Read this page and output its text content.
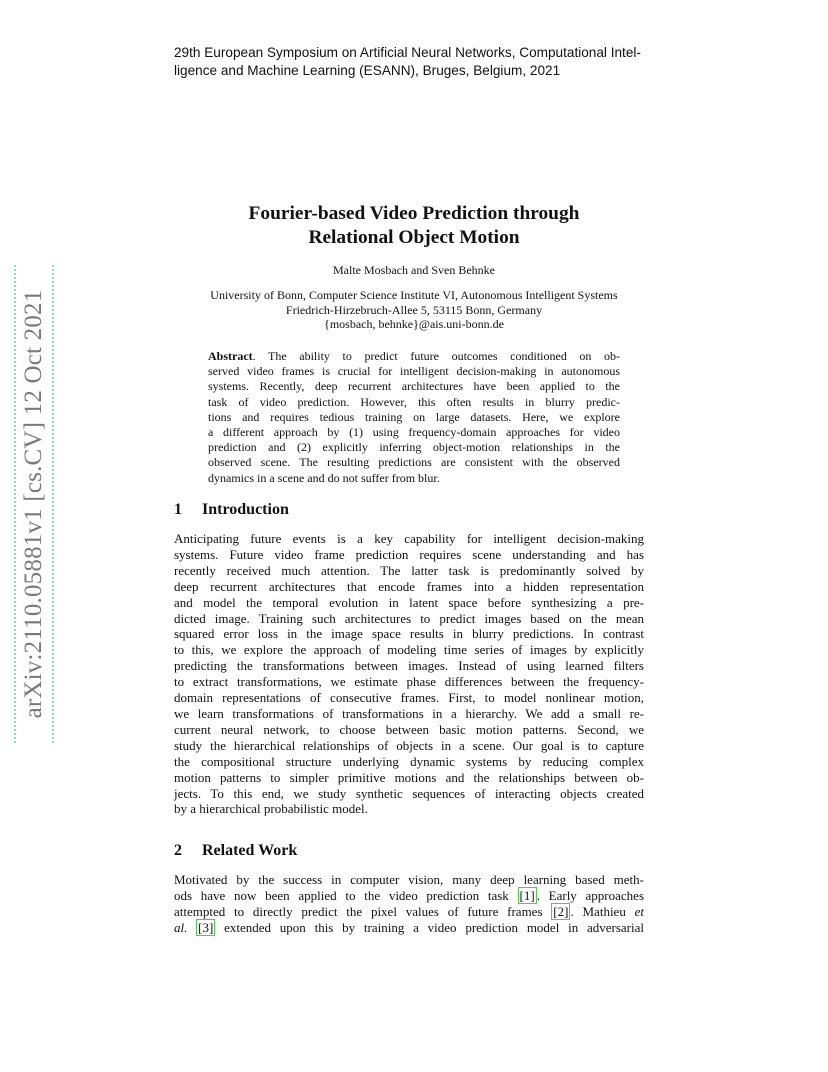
29th European Symposium on Artificial Neural Networks, Computational Intel-
ligence and Machine Learning (ESANN), Bruges, Belgium, 2021
arXiv:2110.05881v1 [cs.CV] 12 Oct 2021
Fourier-based Video Prediction through
Relational Object Motion
Malte Mosbach and Sven Behnke
University of Bonn, Computer Science Institute VI, Autonomous Intelligent Systems
Friedrich-Hirzebruch-Allee 5, 53115 Bonn, Germany
{mosbach, behnke}@ais.uni-bonn.de
Abstract. The ability to predict future outcomes conditioned on ob-
served video frames is crucial for intelligent decision-making in autonomous
systems. Recently, deep recurrent architectures have been applied to the
task of video prediction. However, this often results in blurry predic-
tions and requires tedious training on large datasets. Here, we explore
a different approach by (1) using frequency-domain approaches for video
prediction and (2) explicitly inferring object-motion relationships in the
observed scene. The resulting predictions are consistent with the observed
dynamics in a scene and do not suffer from blur.
1 Introduction
Anticipating future events is a key capability for intelligent decision-making
systems. Future video frame prediction requires scene understanding and has
recently received much attention. The latter task is predominantly solved by
deep recurrent architectures that encode frames into a hidden representation
and model the temporal evolution in latent space before synthesizing a pre-
dicted image. Training such architectures to predict images based on the mean
squared error loss in the image space results in blurry predictions. In contrast
to this, we explore the approach of modeling time series of images by explicitly
predicting the transformations between images. Instead of using learned filters
to extract transformations, we estimate phase differences between the frequency-
domain representations of consecutive frames. First, to model nonlinear motion,
we learn transformations of transformations in a hierarchy. We add a small re-
current neural network, to choose between basic motion patterns. Second, we
study the hierarchical relationships of objects in a scene. Our goal is to capture
the compositional structure underlying dynamic systems by reducing complex
motion patterns to simpler primitive motions and the relationships between ob-
jects. To this end, we study synthetic sequences of interacting objects created
by a hierarchical probabilistic model.
2 Related Work
Motivated by the success in computer vision, many deep learning based meth-
ods have now been applied to the video prediction task [1] . Early approaches
attempted to directly predict the pixel values of future frames [2] . Mathieu et
al. [3] extended upon this by training a video prediction model in adversarial
